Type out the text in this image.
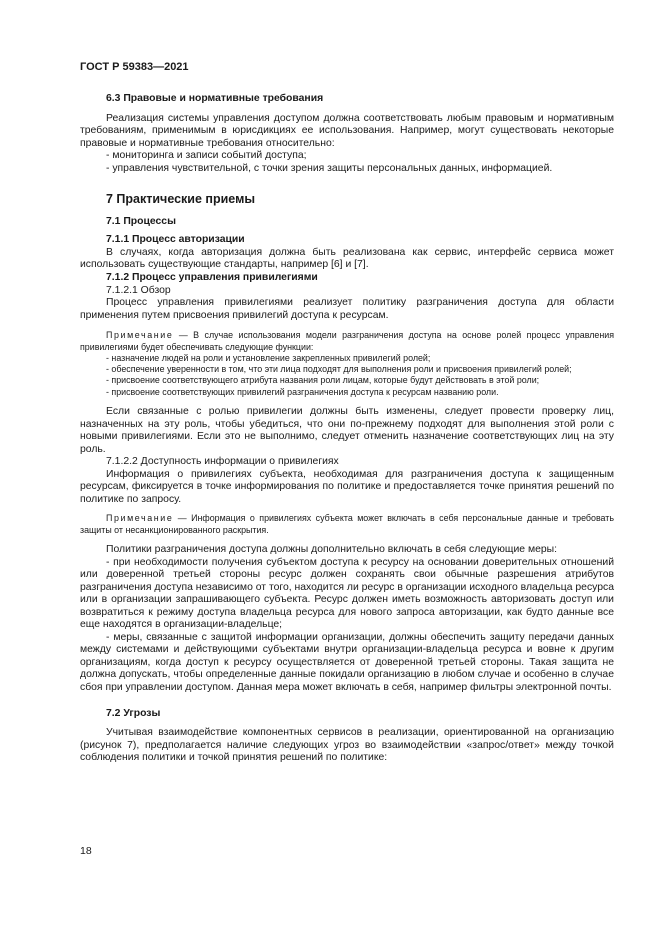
ГОСТ Р 59383—2021

6.3 Правовые и нормативные требования

Реализация системы управления доступом должна соответствовать любым правовым и нормативным требованиям, применимым в юрисдикциях ее использования. Например, могут существовать некоторые правовые и нормативные требования относительно:

- мониторинга и записи событий доступа;

- управления чувствительной, с точки зрения защиты персональных данных, информацией.

7 Практические приемы

7.1 Процессы

7.1.1 Процесс авторизации

В случаях, когда авторизация должна быть реализована как сервис, интерфейс сервиса может использовать существующие стандарты, например [6] и [7].

7.1.2 Процесс управления привилегиями

7.1.2.1 Обзор

Процесс управления привилегиями реализует политику разграничения доступа для области применения путем присвоения привилегий доступа к ресурсам.

Примечание — В случае использования модели разграничения доступа на основе ролей процесс управления привилегиями будет обеспечивать следующие функции:

- назначение людей на роли и установление закрепленных привилегий ролей;

- обеспечение уверенности в том, что эти лица подходят для выполнения роли и присвоения привилегий ролей;

- присвоение соответствующего атрибута названия роли лицам, которые будут действовать в этой роли;

- присвоение соответствующих привилегий разграничения доступа к ресурсам названию роли.

Если связанные с ролью привилегии должны быть изменены, следует провести проверку лиц, назначенных на эту роль, чтобы убедиться, что они по-прежнему подходят для выполнения этой роли с новыми привилегиями. Если это не выполнимо, следует отменить назначение соответствующих лиц на эту роль.

7.1.2.2 Доступность информации о привилегиях

Информация о привилегиях субъекта, необходимая для разграничения доступа к защищенным ресурсам, фиксируется в точке информирования по политике и предоставляется точке принятия решений по политике по запросу.

Примечание — Информация о привилегиях субъекта может включать в себя персональные данные и требовать защиты от несанкционированного раскрытия.

Политики разграничения доступа должны дополнительно включать в себя следующие меры:

- при необходимости получения субъектом доступа к ресурсу на основании доверительных отношений или доверенной третьей стороны ресурс должен сохранять свои обычные разрешения атрибутов разграничения доступа независимо от того, находится ли ресурс в организации исходного владельца ресурса или в организации запрашивающего субъекта. Ресурс должен иметь возможность авторизовать доступ или возвратиться к режиму доступа владельца ресурса для нового запроса авторизации, как будто данные все еще находятся в организации-владельце;

- меры, связанные с защитой информации организации, должны обеспечить защиту передачи данных между системами и действующими субъектами внутри организации-владельца ресурса и вовне к другим организациям, когда доступ к ресурсу осуществляется от доверенной третьей стороны. Такая защита не должна допускать, чтобы определенные данные покидали организацию в любом случае и особенно в случае сбоя при управлении доступом. Данная мера может включать в себя, например фильтры электронной почты.

7.2 Угрозы

Учитывая взаимодействие компонентных сервисов в реализации, ориентированной на организацию (рисунок 7), предполагается наличие следующих угроз во взаимодействии «запрос/ответ» между точкой соблюдения политики и точкой принятия решений по политике:

18
